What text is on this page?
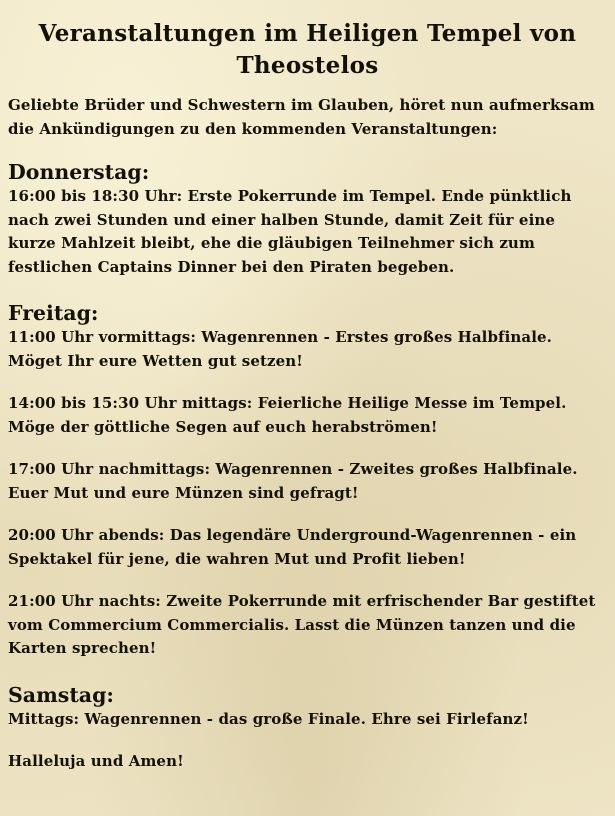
Veranstaltungen im Heiligen Tempel von Theostelos

Geliebte Brüder und Schwestern im Glauben, höret nun aufmerksam die Ankündigungen zu den kommenden Veranstaltungen:

Donnerstag:

16:00 bis 18:30 Uhr: Erste Pokerrunde im Tempel. Ende pünktlich nach zwei Stunden und einer halben Stunde, damit Zeit für eine kurze Mahlzeit bleibt, ehe die gläubigen Teilnehmer sich zum festlichen Captains Dinner bei den Piraten begeben.

Freitag:

11:00 Uhr vormittags: Wagenrennen - Erstes großes Halbfinale. Möget Ihr eure Wetten gut setzen!

14:00 bis 15:30 Uhr mittags: Feierliche Heilige Messe im Tempel. Möge der göttliche Segen auf euch herabströmen!

17:00 Uhr nachmittags: Wagenrennen - Zweites großes Halbfinale. Euer Mut und eure Münzen sind gefragt!

20:00 Uhr abends: Das legendäre Underground-Wagenrennen - ein Spektakel für jene, die wahren Mut und Profit lieben!

21:00 Uhr nachts: Zweite Pokerrunde mit erfrischender Bar gestiftet vom Commercium Commercialis. Lasst die Münzen tanzen und die Karten sprechen!

Samstag:

Mittags: Wagenrennen - das große Finale. Ehre sei Firlefanz!

Halleluja und Amen!
